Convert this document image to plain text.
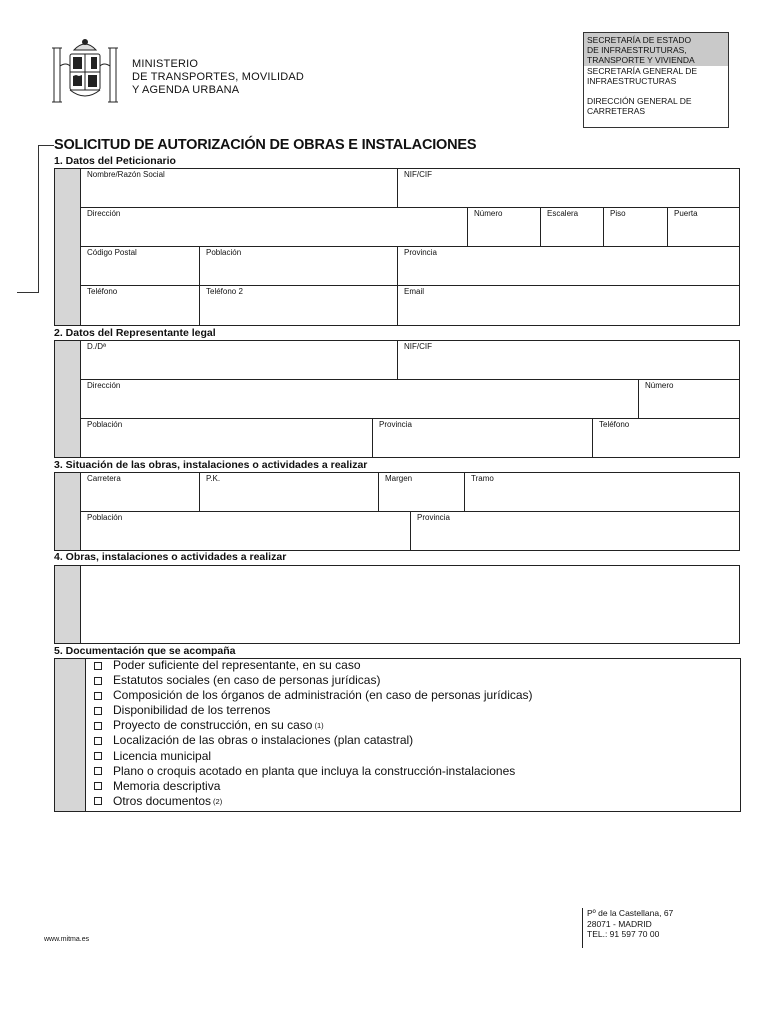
MINISTERIO
DE TRANSPORTES, MOVILIDAD
Y AGENDA URBANA
SECRETARÍA DE ESTADO
DE INFRAESTRUTURAS,
TRANSPORTE Y VIVIENDA
SECRETARÍA GENERAL DE
INFRAESTRUCTURAS
DIRECCIÓN GENERAL DE
CARRETERAS
SOLICITUD DE AUTORIZACIÓN DE OBRAS E INSTALACIONES
1. Datos del Peticionario
Nombre/Razón Social	NIF/CIF
Dirección	Número	Escalera	Piso	Puerta
Código Postal	Población	Provincia
Teléfono	Teléfono 2	Email
2. Datos del Representante legal
D./Dª	NIF/CIF
Dirección	Número
Población	Provincia	Teléfono
3. Situación de las obras, instalaciones o actividades a realizar
Carretera	P.K.	Margen	Tramo
Población	Provincia
4. Obras, instalaciones o actividades a realizar
5. Documentación que se acompaña
Poder suficiente del representante, en su caso
Estatutos sociales (en caso de personas jurídicas)
Composición de los órganos de administración (en caso de personas jurídicas)
Disponibilidad de los terrenos
Proyecto de construcción, en su caso (1)
Localización de las obras o instalaciones (plan catastral)
Licencia municipal
Plano o croquis acotado en planta que incluya la construcción-instalaciones
Memoria descriptiva
Otros documentos (2)
Pº de la Castellana, 67
28071 - MADRID
TEL.: 91 597 70 00
www.mitma.es
